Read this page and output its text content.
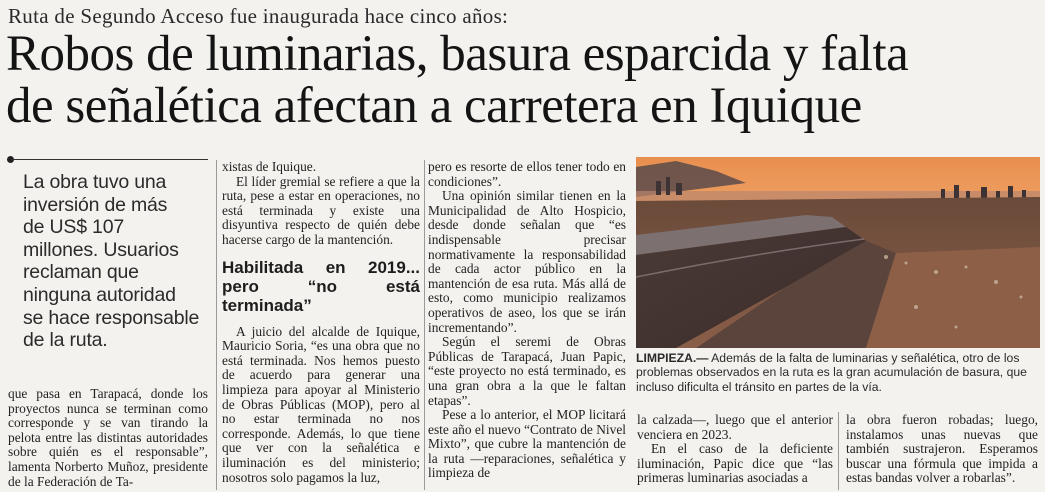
Ruta de Segundo Acceso fue inaugurada hace cinco años:
Robos de luminarias, basura esparcida y falta
de señalética afectan a carretera en Iquique
La obra tuvo una
inversión de más
de US$ 107
millones. Usuarios
reclaman que
ninguna autoridad
se hace responsable
de la ruta.

que pasa en Tarapacá, donde los proyectos nunca se terminan como corresponde y se van tirando la pelota entre las distintas autoridades sobre quién es el responsable”, lamenta Norberto Muñoz, presidente de la Federación de Ta-

xistas de Iquique.

El líder gremial se refiere a que la ruta, pese a estar en operaciones, no está terminada y existe una disyuntiva respecto de quién debe hacerse cargo de la mantención.

Habilitada en 2019... pero “no está terminada”

A juicio del alcalde de Iquique, Mauricio Soria, “es una obra que no está terminada. Nos hemos puesto de acuerdo para generar una limpieza para apoyar al Ministerio de Obras Públicas (MOP), pero al no estar terminada no nos corresponde. Además, lo que tiene que ver con la señalética e iluminación es del ministerio; nosotros solo pagamos la luz,

pero es resorte de ellos tener todo en condiciones”.

Una opinión similar tienen en la Municipalidad de Alto Hospicio, desde donde señalan que “es indispensable precisar normativamente la responsabilidad de cada actor público en la mantención de esa ruta. Más allá de esto, como municipio realizamos operativos de aseo, los que se irán incrementando”.

Según el seremi de Obras Públicas de Tarapacá, Juan Papic, “este proyecto no está terminado, es una gran obra a la que le faltan etapas”.

Pese a lo anterior, el MOP licitará este año el nuevo “Contrato de Nivel Mixto”, que cubre la mantención de la ruta —reparaciones, señalética y limpieza de

LIMPIEZA.— Además de la falta de luminarias y señalética, otro de los problemas observados en la ruta es la gran acumulación de basura, que incluso dificulta el tránsito en partes de la vía.

la calzada—, luego que el anterior venciera en 2023.

En el caso de la deficiente iluminación, Papic dice que “las primeras luminarias asociadas a

la obra fueron robadas; luego, instalamos unas nuevas que también sustrajeron. Esperamos buscar una fórmula que impida a estas bandas volver a robarlas”.
